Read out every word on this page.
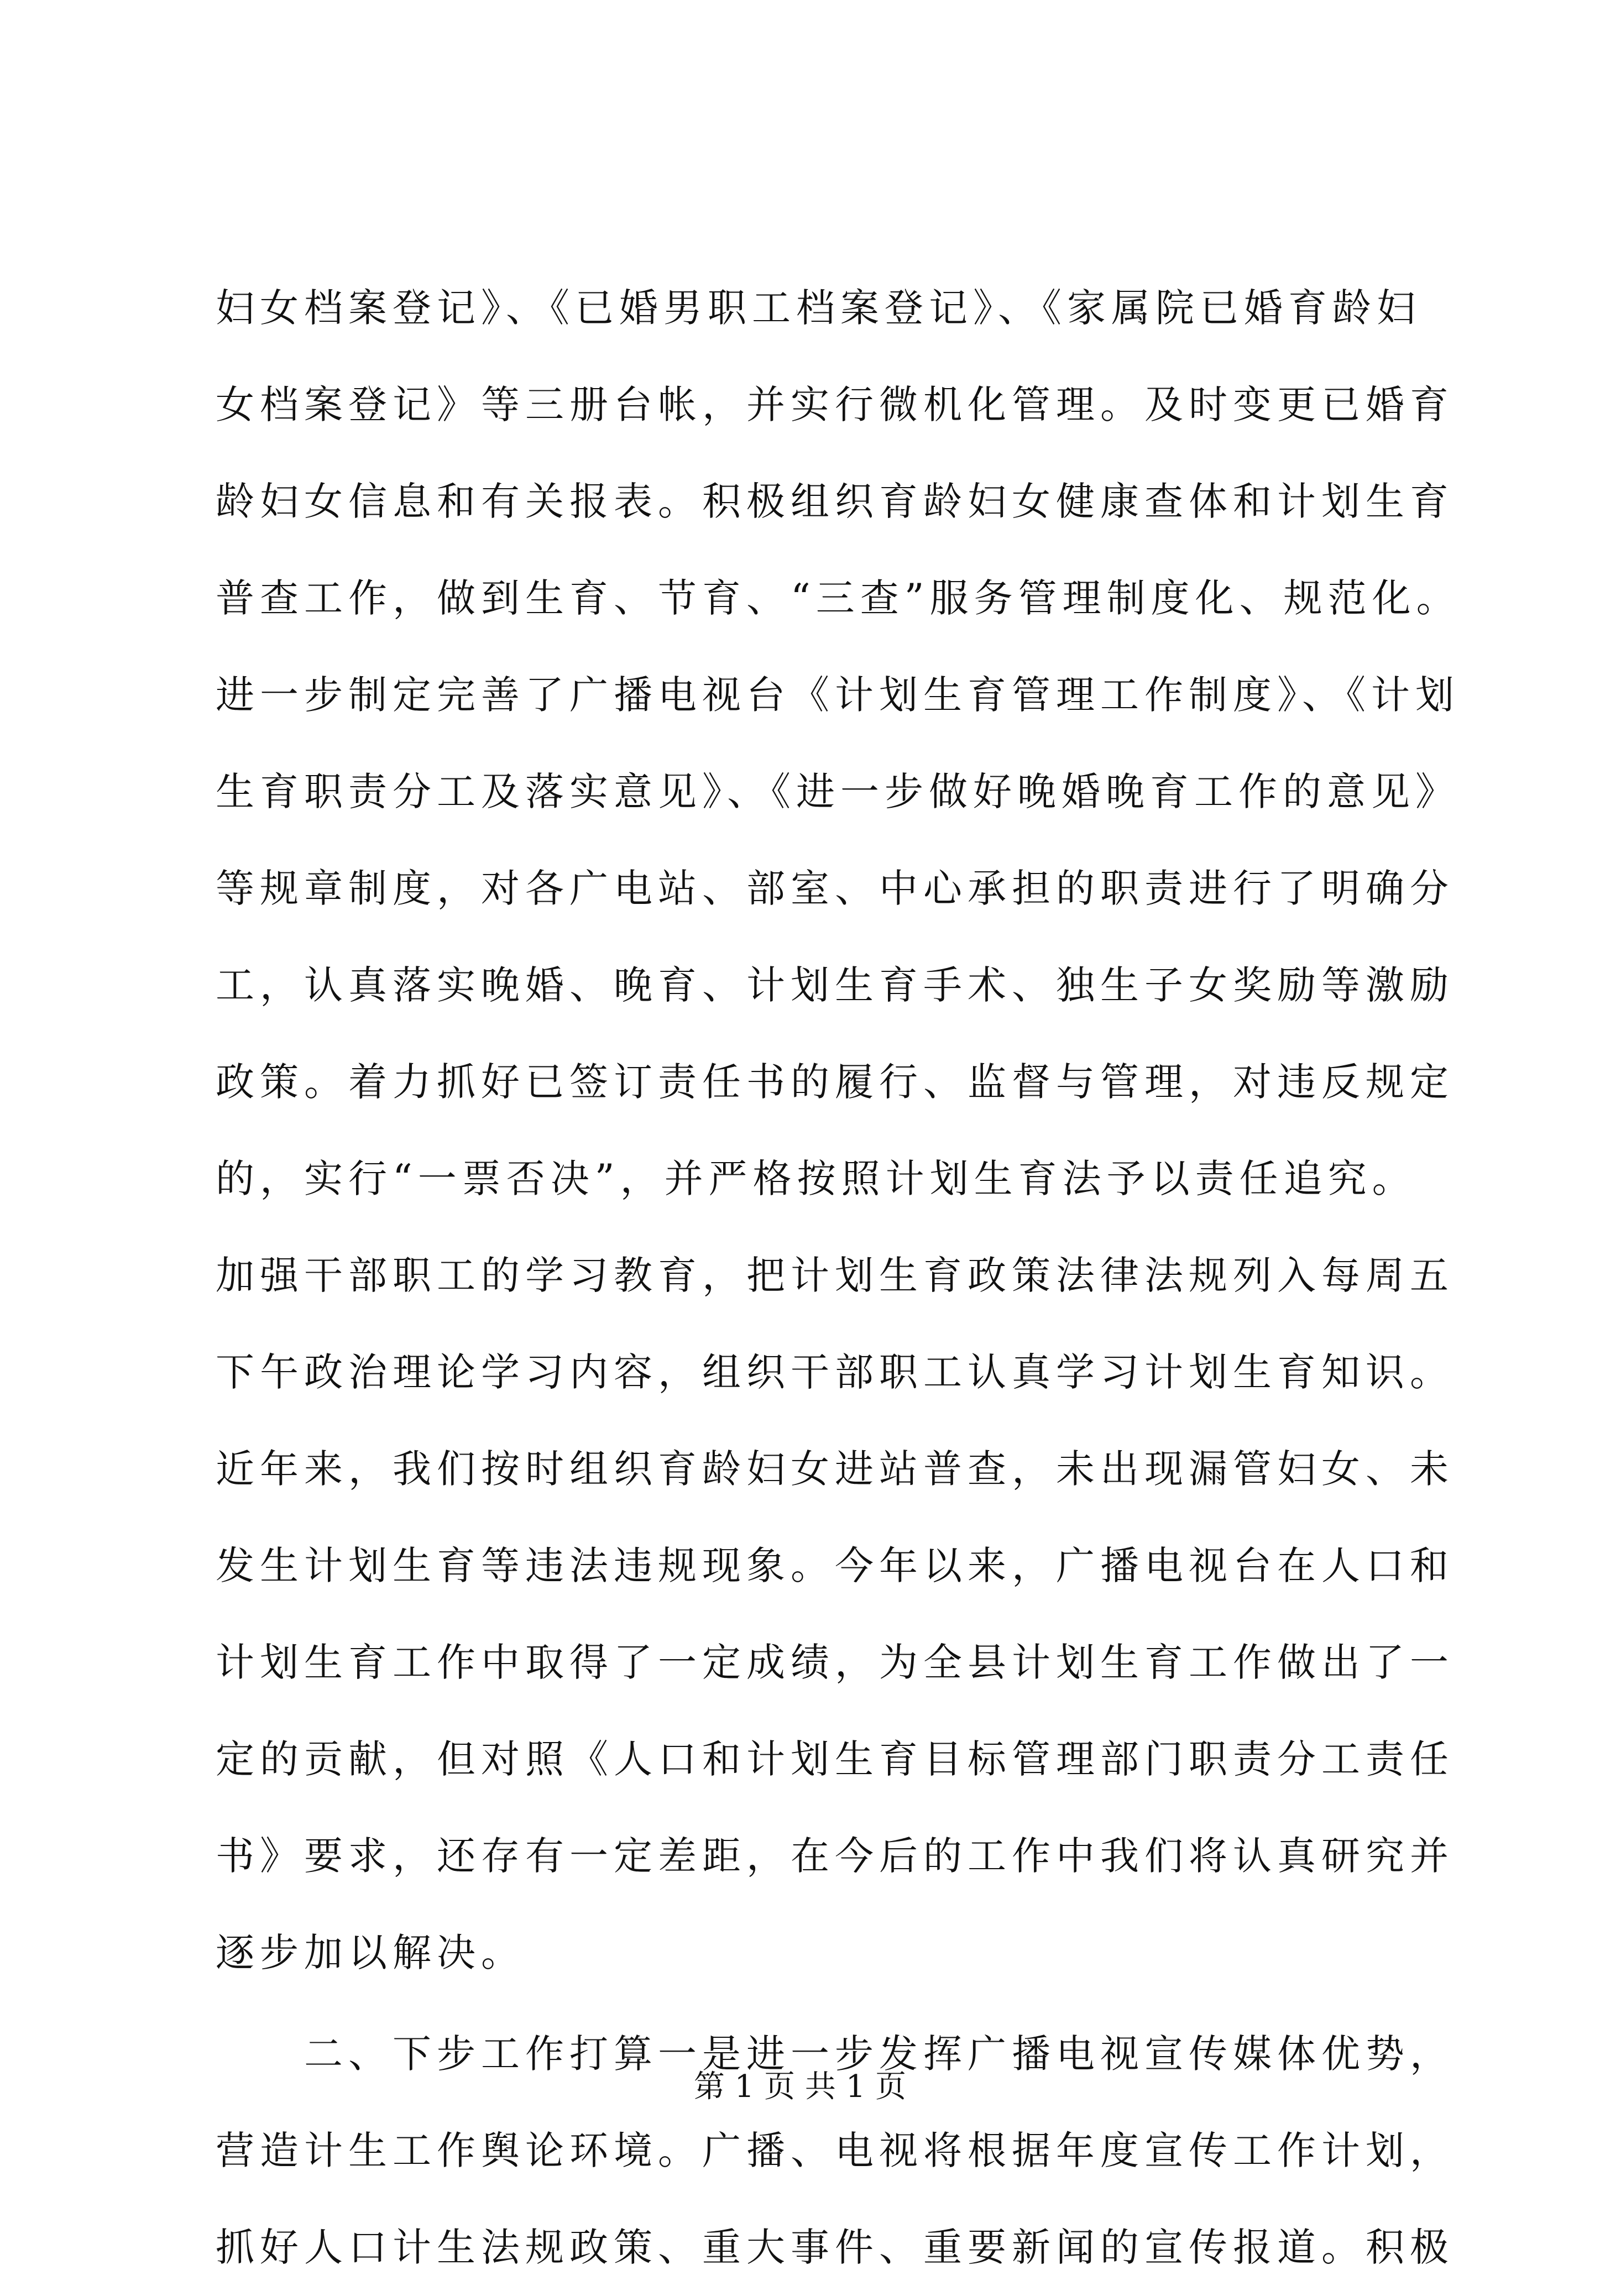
妇女档案登记》、《已婚男职工档案登记》、《家属院已婚育龄妇
女档案登记》等三册台帐，并实行微机化管理。及时变更已婚育
龄妇女信息和有关报表。积极组织育龄妇女健康查体和计划生育
普查工作，做到生育、节育、“三查”服务管理制度化、规范化。
进一步制定完善了广播电视台《计划生育管理工作制度》、《计划
生育职责分工及落实意见》、《进一步做好晚婚晚育工作的意见》
等规章制度，对各广电站、部室、中心承担的职责进行了明确分
工，认真落实晚婚、晚育、计划生育手术、独生子女奖励等激励
政策。着力抓好已签订责任书的履行、监督与管理，对违反规定
的，实行“一票否决”，并严格按照计划生育法予以责任追究。
加强干部职工的学习教育，把计划生育政策法律法规列入每周五
下午政治理论学习内容，组织干部职工认真学习计划生育知识。
近年来，我们按时组织育龄妇女进站普查，未出现漏管妇女、未
发生计划生育等违法违规现象。今年以来，广播电视台在人口和
计划生育工作中取得了一定成绩，为全县计划生育工作做出了一
定的贡献，但对照《人口和计划生育目标管理部门职责分工责任
书》要求，还存有一定差距，在今后的工作中我们将认真研究并
逐步加以解决。
二、下步工作打算一是进一步发挥广播电视宣传媒体优势，
营造计生工作舆论环境。广播、电视将根据年度宣传工作计划，
抓好人口计生法规政策、重大事件、重要新闻的宣传报道。积极
第 1 页 共 1 页
